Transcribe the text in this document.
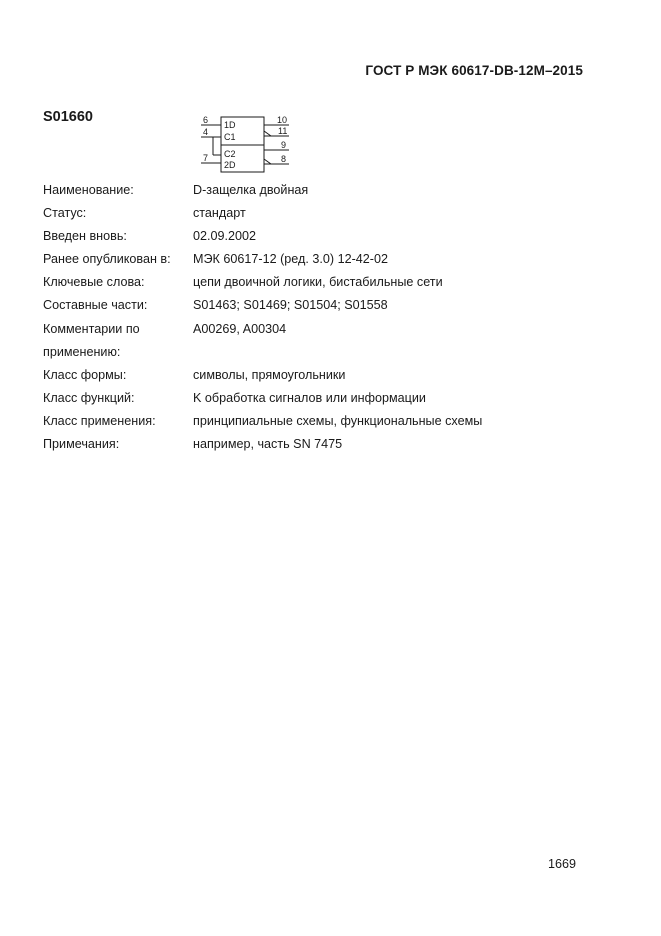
ГОСТ Р МЭК 60617-DB-12M–2015
S01660	1D
C1
C2
2D
6
4
7
10
11
9
8
Наименование:	D-защелка двойная
Статус:	стандарт
Введен вновь:	02.09.2002
Ранее опубликован в:	МЭК 60617-12 (ред. 3.0) 12-42-02
Ключевые слова:	цепи двоичной логики, бистабильные сети
Составные части:	S01463; S01469; S01504; S01558
Комментарии по	A00269, A00304
применению:
Класс формы:	символы, прямоугольники
Класс функций:	K обработка сигналов или информации
Класс применения:	принципиальные схемы, функциональные схемы
Примечания:	например, часть SN 7475
1669
